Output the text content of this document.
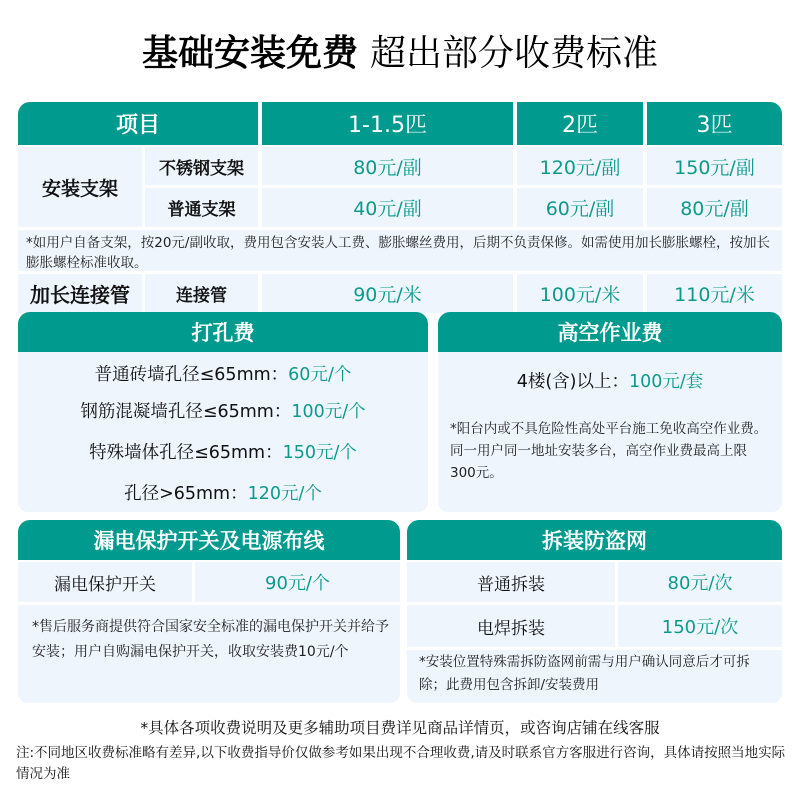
基础安装免费 超出部分收费标准
项目	1-1.5匹	2匹	3匹
安装支架
不锈钢支架	80元/副	120元/副	150元/副
普通支架	40元/副	60元/副	80元/副
*如用户自备支架，按20元/副收取，费用包含安装人工费、膨胀螺丝费用，后期不负责保修。如需使用加长膨胀螺栓，按加长膨胀螺栓标准收取。
加长连接管	连接管	90元/米	100元/米	110元/米
打孔费
普通砖墙孔径≤65mm：60元/个
钢筋混凝墙孔径≤65mm：100元/个
特殊墙体孔径≤65mm：150元/个
孔径>65mm：120元/个
高空作业费
4楼(含)以上：100元/套
*阳台内或不具危险性高处平台施工免收高空作业费。同一用户同一地址安装多台，高空作业费最高上限300元。
漏电保护开关及电源布线
漏电保护开关	90元/个
*售后服务商提供符合国家安全标准的漏电保护开关并给予安装；用户自购漏电保护开关，收取安装费10元/个
拆装防盗网
普通拆装	80元/次
电焊拆装	150元/次
*安装位置特殊需拆防盗网前需与用户确认同意后才可拆除；此费用包含拆卸/安装费用
*具体各项收费说明及更多辅助项目费详见商品详情页，或咨询店铺在线客服
注:不同地区收费标准略有差异,以下收费指导价仅做参考如果出现不合理收费,请及时联系官方客服进行咨询，具体请按照当地实际情况为准
